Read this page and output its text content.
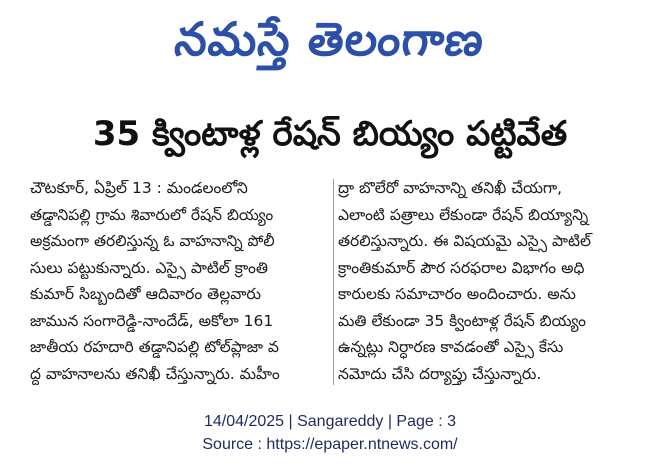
నమస్తే తెలంగాణ
35 క్వింటాళ్ల రేషన్ బియ్యం పట్టివేత
చౌటకూర్, ఏప్రిల్ 13 : మండలంలోని
తడ్డానిపల్లి గ్రామ శివారులో రేషన్ బియ్యం
అక్రమంగా తరలిస్తున్న ఓ వాహనాన్ని పోలీ
సులు పట్టుకున్నారు. ఎస్సై పాటిల్ క్రాంతి
కుమార్ సిబ్బందితో ఆదివారం తెల్లవారు
జామున సంగారెడ్డి-నాందేడ్, అకోలా 161
జాతీయ రహదారి తడ్డానిపల్లి టోల్‌ప్లాజా వ
ద్ద వాహనాలను తనిఖీ చేస్తున్నారు. మహీం
ద్రా బొలేరో వాహనాన్ని తనిఖీ చేయగా,
ఎలాంటి పత్రాలు లేకుండా రేషన్ బియ్యాన్ని
తరలిస్తున్నారు. ఈ విషయమై ఎస్సై పాటిల్
క్రాంతికుమార్ పౌర సరఫరాల విభాగం అధి
కారులకు సమాచారం అందించారు. అను
మతి లేకుండా 35 క్వింటాళ్ల రేషన్ బియ్యం
ఉన్నట్లు నిర్ధారణ కావడంతో ఎస్సై కేసు
నమోదు చేసి దర్యాప్తు చేస్తున్నారు.
14/04/2025 | Sangareddy | Page : 3
Source : https://epaper.ntnews.com/
